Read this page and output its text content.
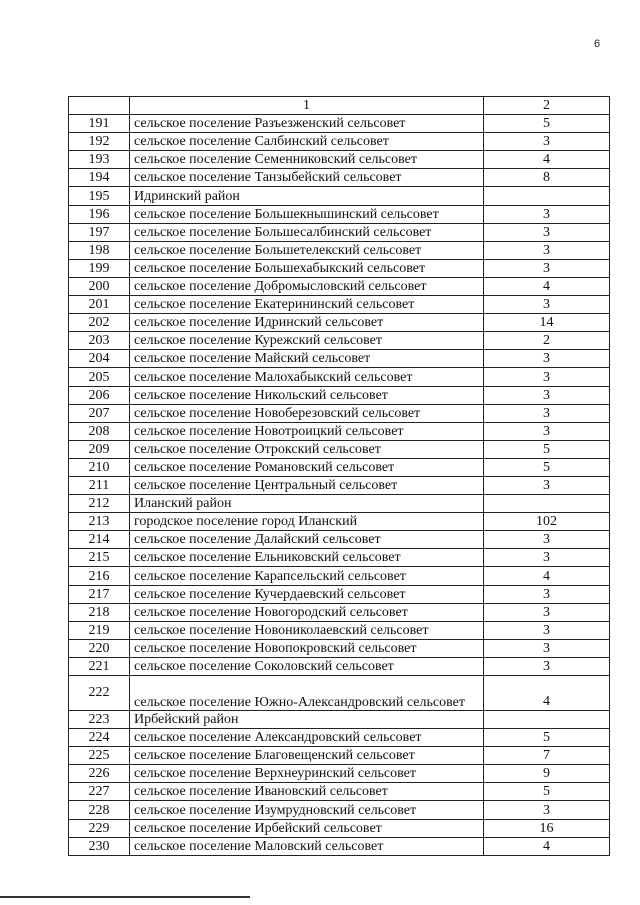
6
	1	2
191	сельское поселение Разъезженский сельсовет	5
192	сельское поселение Салбинский сельсовет	3
193	сельское поселение Семенниковский сельсовет	4
194	сельское поселение Танзыбейский сельсовет	8
195	Идринский район	
196	сельское поселение Большекнышинский сельсовет	3
197	сельское поселение Большесалбинский сельсовет	3
198	сельское поселение Большетелекский сельсовет	3
199	сельское поселение Большехабыкский сельсовет	3
200	сельское поселение Добромысловский сельсовет	4
201	сельское поселение Екатерининский сельсовет	3
202	сельское поселение Идринский сельсовет	14
203	сельское поселение Курежский сельсовет	2
204	сельское поселение Майский сельсовет	3
205	сельское поселение Малохабыкский сельсовет	3
206	сельское поселение Никольский сельсовет	3
207	сельское поселение Новоберезовский сельсовет	3
208	сельское поселение Новотроицкий сельсовет	3
209	сельское поселение Отрокский сельсовет	5
210	сельское поселение Романовский сельсовет	5
211	сельское поселение Центральный сельсовет	3
212	Иланский район	
213	городское поселение город Иланский	102
214	сельское поселение Далайский сельсовет	3
215	сельское поселение Ельниковский сельсовет	3
216	сельское поселение Карапсельский сельсовет	4
217	сельское поселение Кучердаевский сельсовет	3
218	сельское поселение Новогородский сельсовет	3
219	сельское поселение Новониколаевский сельсовет	3
220	сельское поселение Новопокровский сельсовет	3
221	сельское поселение Соколовский сельсовет	3
222	сельское поселение Южно-Александровский сельсовет	4
223	Ирбейский район	
224	сельское поселение Александровский сельсовет	5
225	сельское поселение Благовещенский сельсовет	7
226	сельское поселение Верхнеуринский сельсовет	9
227	сельское поселение Ивановский сельсовет	5
228	сельское поселение Изумрудновский сельсовет	3
229	сельское поселение Ирбейский сельсовет	16
230	сельское поселение Маловский сельсовет	4
